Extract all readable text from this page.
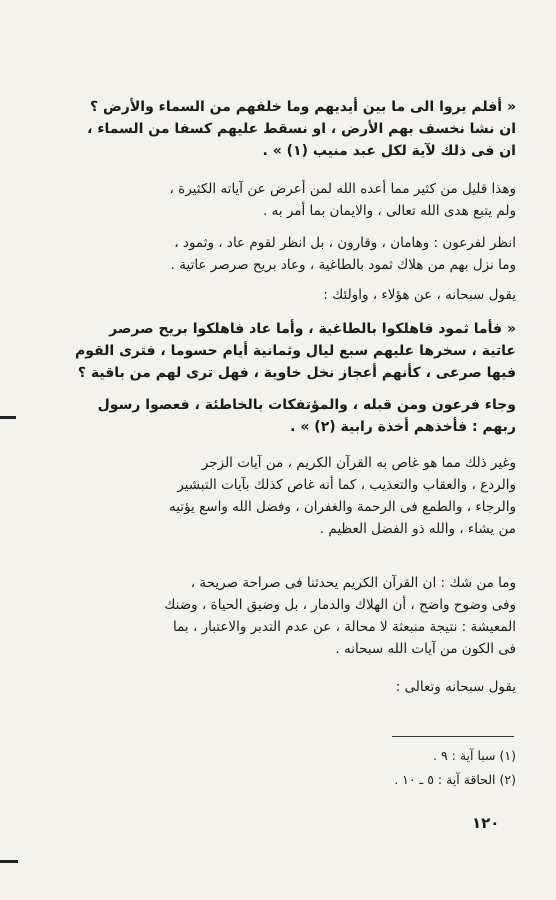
« أفلم يروا الى ما بين أيديهم وما خلفهم من السماء والأرض ؟
ان نشا نخسف بهم الأرض ، او نسقط عليهم كسفا من السماء ،
ان فى ذلك لآية لكل عبد منيب (١) » .
وهذا قليل من كثير مما أعده الله لمن أعرض عن آياته الكثيرة ،
ولم يتبع هدى الله تعالى ، والايمان بما أمر به .
انظر لفرعون : وهامان ، وقارون ، بل انظر لقوم عاد ، وثمود ،
وما نزل بهم من هلاك ثمود بالطاغية ، وعاد بريح صرصر عاتية .
يقول سبحانه ، عن هؤلاء ، واولئك :
« فأما ثمود فاهلكوا بالطاغية ، وأما عاد فاهلكوا بريح صرصر
عاتية ، سخرها عليهم سبع ليال وثمانية أيام حسوما ، فترى القوم
فيها صرعى ، كأنهم أعجاز نخل خاوية ، فهل ترى لهم من باقية ؟
وجاء فرعون ومن قبله ، والمؤتفكات بالخاطئة ، فعصوا رسول
ربهم : فأخذهم أخذة رابية (٢) » .
وغير ذلك مما هو غاص به القرآن الكريم ، من آيات الزجر
والردع ، والعقاب والتعذيب ، كما أنه غاص كذلك بآيات التبشير
والرجاء ، والطمع فى الرحمة والغفران ، وفضل الله واسع يؤتيه
من يشاء ، والله ذو الفضل العظيم .
وما من شك : ان القرآن الكريم يحدثنا فى صراحة صريحة ،
وفى وضوح واضح ، أن الهلاك والدمار ، بل وضيق الحياة ، وضنك
المعيشة : نتيجة منبعثة لا محالة ، عن عدم التدبر والاعتبار ، بما
فى الكون من آيات الله سبحانه .
يقول سبحانه وتعالى :
(١) سبا آية : ٩ .
(٢) الحاقة آية : ٥ ـ ١٠ .
١٢٠
